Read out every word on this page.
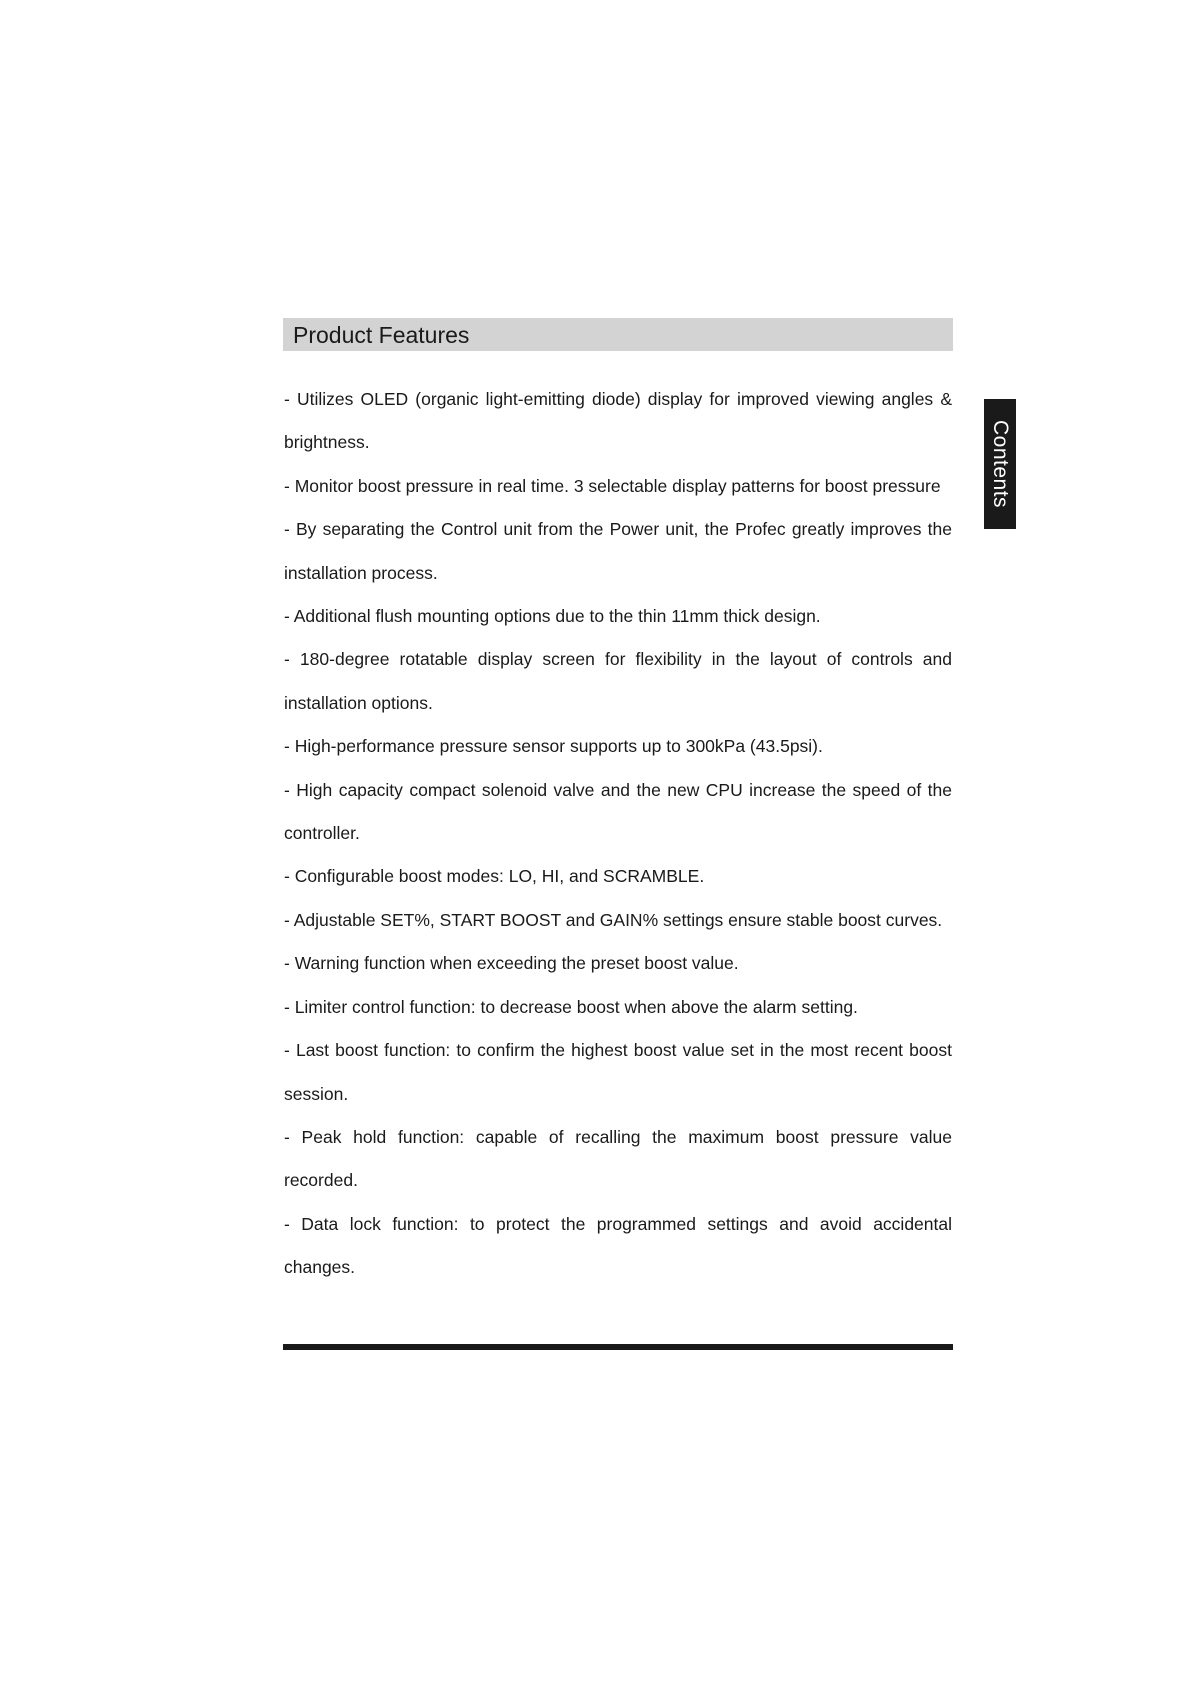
Product Features
- Utilizes OLED (organic light-emitting diode) display for improved viewing angles & brightness.
- Monitor boost pressure in real time. 3 selectable display patterns for boost pressure
- By separating the Control unit from the Power unit, the Profec greatly improves the installation process.
- Additional flush mounting options due to the thin 11mm thick design.
- 180-degree rotatable display screen for flexibility in the layout of controls and installation options.
- High-performance pressure sensor supports up to 300kPa (43.5psi).
- High capacity compact solenoid valve and the new CPU increase the speed of the controller.
- Configurable boost modes: LO, HI, and SCRAMBLE.
- Adjustable SET%, START BOOST and GAIN% settings ensure stable boost curves.
- Warning function when exceeding the preset boost value.
- Limiter control function: to decrease boost when above the alarm setting.
- Last boost function: to confirm the highest boost value set in the most recent boost session.
- Peak hold function: capable of recalling the maximum boost pressure value recorded.
- Data lock function: to protect the programmed settings and avoid accidental changes.
Contents
